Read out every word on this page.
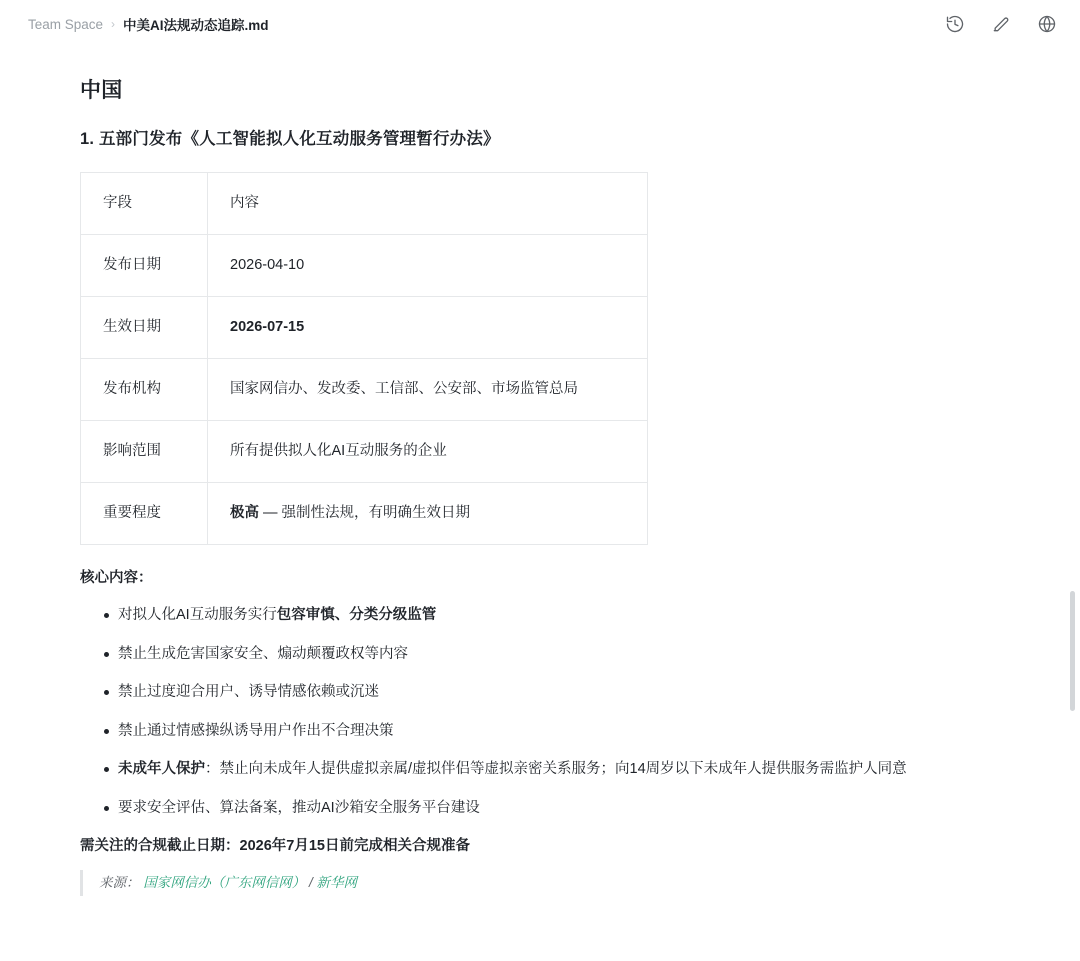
Team Space › 中美AI法规动态追踪.md
中国
1. 五部门发布《人工智能拟人化互动服务管理暂行办法》
字段	内容
发布日期	2026-04-10
生效日期	2026-07-15
发布机构	国家网信办、发改委、工信部、公安部、市场监管总局
影响范围	所有提供拟人化AI互动服务的企业
重要程度	极高 — 强制性法规，有明确生效日期
核心内容：
对拟人化AI互动服务实行包容审慎、分类分级监管
禁止生成危害国家安全、煽动颠覆政权等内容
禁止过度迎合用户、诱导情感依赖或沉迷
禁止通过情感操纵诱导用户作出不合理决策
未成年人保护：禁止向未成年人提供虚拟亲属/虚拟伴侣等虚拟亲密关系服务；向14周岁以下未成年人提供服务需监护人同意
要求安全评估、算法备案，推动AI沙箱安全服务平台建设
需关注的合规截止日期：2026年7月15日前完成相关合规准备
来源： 国家网信办（广东网信网） / 新华网
